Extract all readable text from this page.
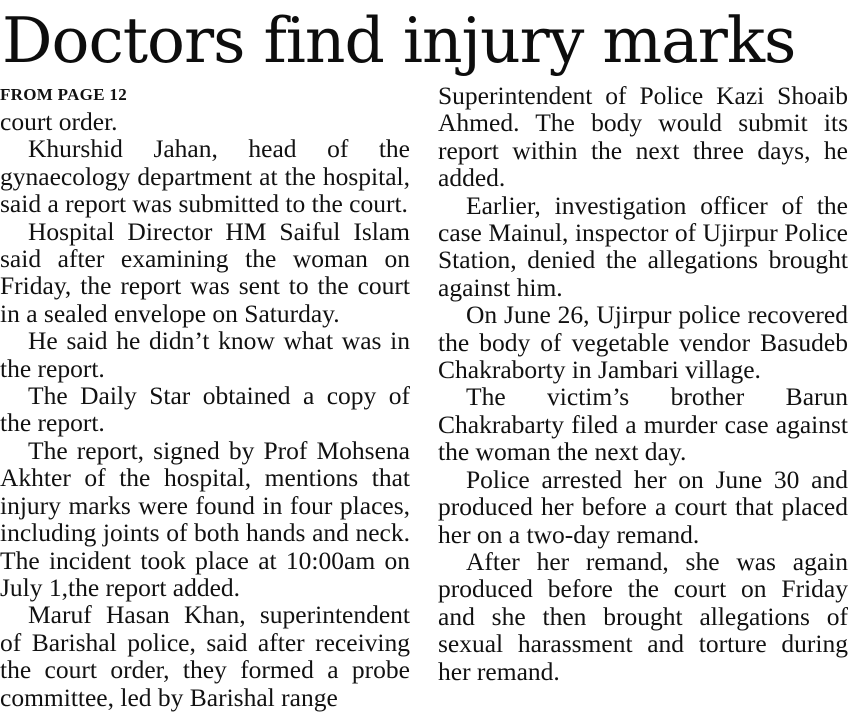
Doctors find injury marks
FROM PAGE 12

court order.

Khurshid Jahan, head of the gynaecology department at the hospital, said a report was submitted to the court.

Hospital Director HM Saiful Islam said after examining the woman on Friday, the report was sent to the court in a sealed envelope on Saturday.

He said he didn’t know what was in the report.

The Daily Star obtained a copy of the report.

The report, signed by Prof Mohsena Akhter of the hospital, mentions that injury marks were found in four places, including joints of both hands and neck. The incident took place at 10:00am on July 1,the report added.

Maruf Hasan Khan, superintendent of Barishal police, said after receiving the court order, they formed a probe committee, led by Barishal range

Superintendent of Police Kazi Shoaib Ahmed. The body would submit its report within the next three days, he added.

Earlier, investigation officer of the case Mainul, inspector of Ujirpur Police Station, denied the allegations brought against him.

On June 26, Ujirpur police recovered the body of vegetable vendor Basudeb Chakraborty in Jambari village.

The victim’s brother Barun Chakrabarty filed a murder case against the woman the next day.

Police arrested her on June 30 and produced her before a court that placed her on a two-day remand.

After her remand, she was again produced before the court on Friday and she then brought allegations of sexual harassment and torture during her remand.
